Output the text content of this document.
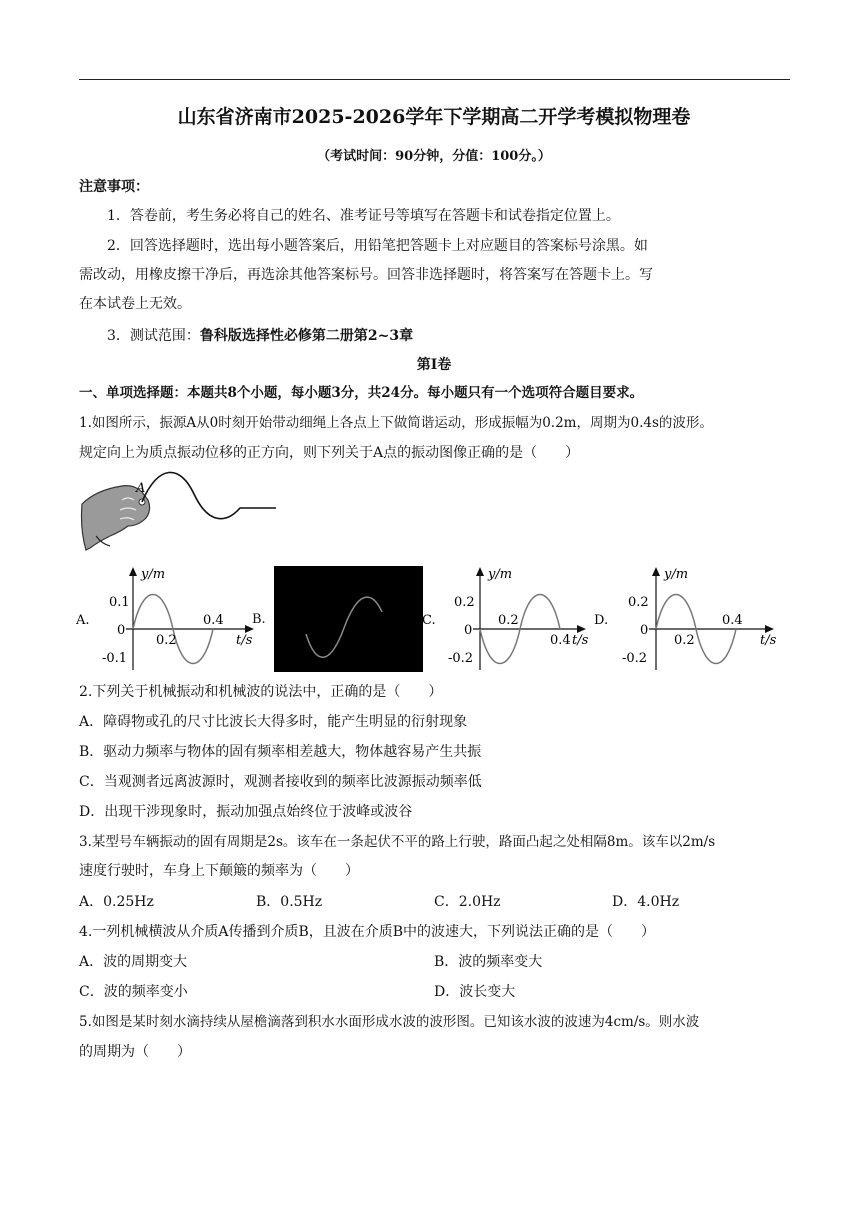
山东省济南市2025-2026学年下学期高二开学考模拟物理卷
（考试时间：90分钟，分值：100分。）
注意事项：
1．答卷前，考生务必将自己的姓名、准考证号等填写在答题卡和试卷指定位置上。
2．回答选择题时，选出每小题答案后，用铅笔把答题卡上对应题目的答案标号涂黑。如
需改动，用橡皮擦干净后，再选涂其他答案标号。回答非选择题时，将答案写在答题卡上。写
在本试卷上无效。
3．测试范围：鲁科版选择性必修第二册第2~3章
第Ⅰ卷
一、单项选择题：本题共8个小题，每小题3分，共24分。每小题只有一个选项符合题目要求。
1.如图所示，振源A从0时刻开始带动细绳上各点上下做简谐运动，形成振幅为0.2m，周期为0.4s的波形。
规定向上为质点振动位移的正方向，则下列关于A点的振动图像正确的是（　　）
A
A.
y/m
0.1
0
-0.1
0.2
0.4
t/s
B.	C.
y/m
0.2
0
-0.2
0.2
0.4 t/s
D.
y/m
0.2
0
-0.2
0.2
0.4
t/s
2.下列关于机械振动和机械波的说法中，正确的是（　　）
A．障碍物或孔的尺寸比波长大得多时，能产生明显的衍射现象
B．驱动力频率与物体的固有频率相差越大，物体越容易产生共振
C．当观测者远离波源时，观测者接收到的频率比波源振动频率低
D．出现干涉现象时，振动加强点始终位于波峰或波谷
3.某型号车辆振动的固有周期是2s。该车在一条起伏不平的路上行驶，路面凸起之处相隔8m。该车以2m/s
速度行驶时，车身上下颠簸的频率为（　　）
A．0.25Hz	B．0.5Hz	C．2.0Hz	D．4.0Hz
4.一列机械横波从介质A传播到介质B，且波在介质B中的波速大，下列说法正确的是（　　）
A．波的周期变大	B．波的频率变大
C．波的频率变小	D．波长变大
5.如图是某时刻水滴持续从屋檐滴落到积水水面形成水波的波形图。已知该水波的波速为4cm/s。则水波
的周期为（　　）
